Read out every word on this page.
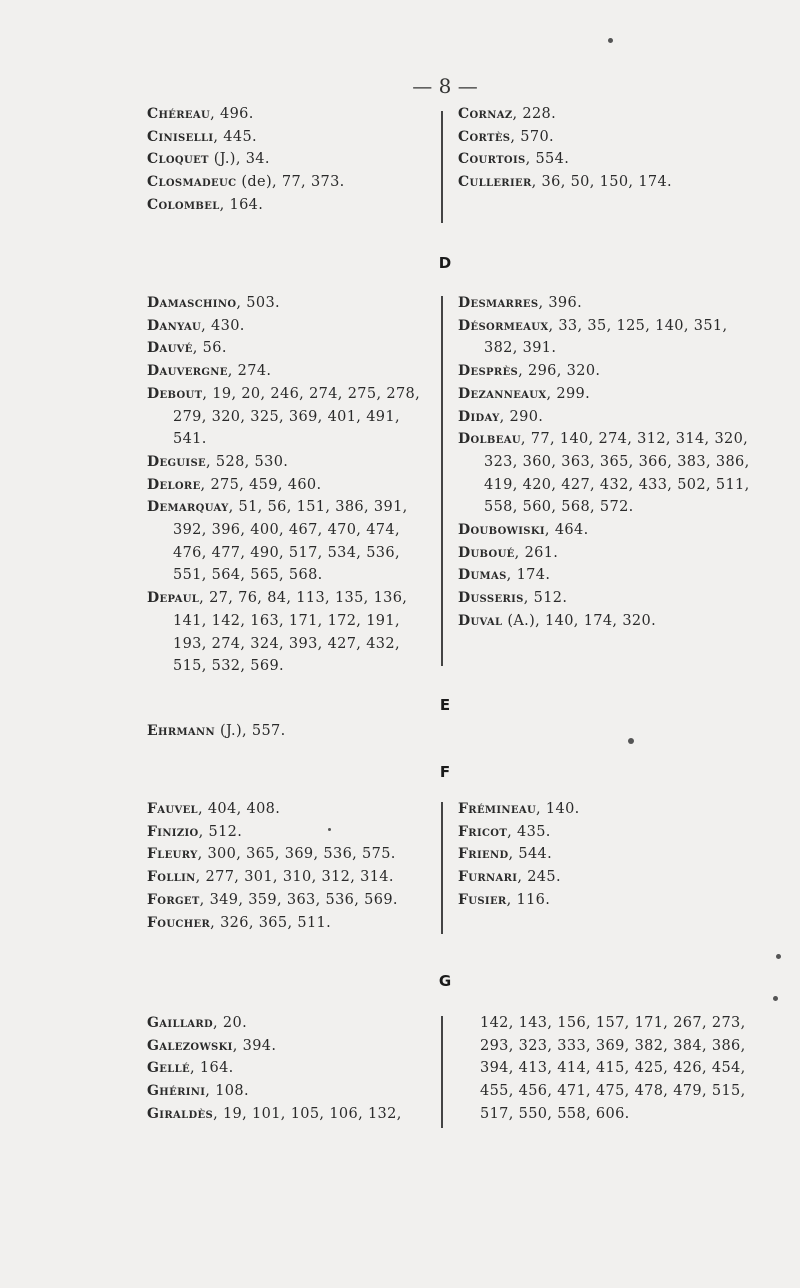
— 8 —
Chéreau, 496.
Ciniselli, 445.
Cloquet (J.), 34.
Closmadeuc (de), 77, 373.
Colombel, 164.
Cornaz, 228.
Cortès, 570.
Courtois, 554.
Cullerier, 36, 50, 150, 174.
D
Damaschino, 503.
Danyau, 430.
Dauvé, 56.
Dauvergne, 274.
Debout, 19, 20, 246, 274, 275, 278, 279, 320, 325, 369, 401, 491, 541.
Deguise, 528, 530.
Delore, 275, 459, 460.
Demarquay, 51, 56, 151, 386, 391, 392, 396, 400, 467, 470, 474, 476, 477, 490, 517, 534, 536, 551, 564, 565, 568.
Depaul, 27, 76, 84, 113, 135, 136, 141, 142, 163, 171, 172, 191, 193, 274, 324, 393, 427, 432, 515, 532, 569.
Desmarres, 396.
Désormeaux, 33, 35, 125, 140, 351, 382, 391.
Desprès, 296, 320.
Dezanneaux, 299.
Diday, 290.
Dolbeau, 77, 140, 274, 312, 314, 320, 323, 360, 363, 365, 366, 383, 386, 419, 420, 427, 432, 433, 502, 511, 558, 560, 568, 572.
Doubowiski, 464.
Duboué, 261.
Dumas, 174.
Dusseris, 512.
Duval (A.), 140, 174, 320.
E
Ehrmann (J.), 557.
F
Fauvel, 404, 408.
Finizio, 512.
Fleury, 300, 365, 369, 536, 575.
Follin, 277, 301, 310, 312, 314.
Forget, 349, 359, 363, 536, 569.
Foucher, 326, 365, 511.
Frémineau, 140.
Fricot, 435.
Friend, 544.
Furnari, 245.
Fusier, 116.
G
Gaillard, 20.
Galezowski, 394.
Gellé, 164.
Ghérini, 108.
Giraldès, 19, 101, 105, 106, 132,
142, 143, 156, 157, 171, 267, 273, 293, 323, 333, 369, 382, 384, 386, 394, 413, 414, 415, 425, 426, 454, 455, 456, 471, 475, 478, 479, 515, 517, 550, 558, 606.
